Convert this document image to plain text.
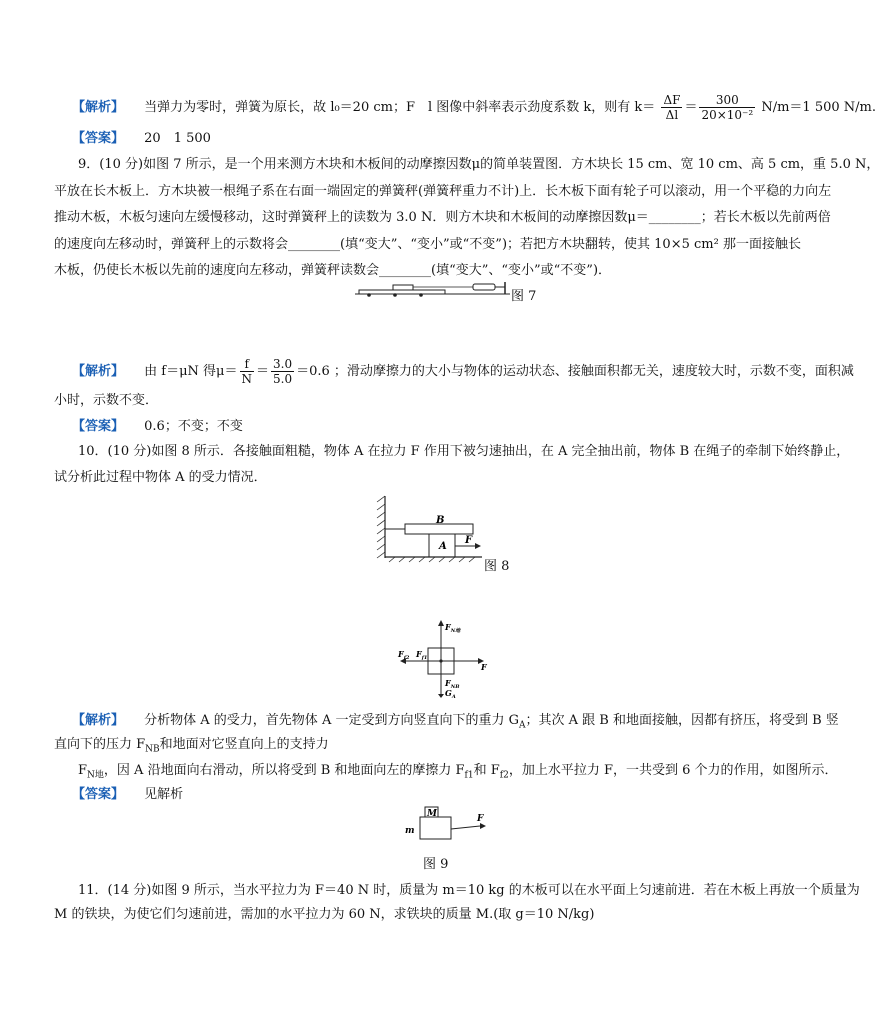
【解析】 当弹力为零时，弹簧为原长，故 l₀＝20 cm；F　l 图像中斜率表示劲度系数 k，则有 $k= \frac{\Delta F}{\Delta l} = \frac{300}{\text{20×10⁻²}} N/m=1$ 500 N/m.
【答案】 20　1 500
9．(10 分)如图 7 所示，是一个用来测方木块和木板间的动摩擦因数μ的简单装置图．方木块长 15 cm、宽 10 cm、高 5 cm，重 5.0 N，
平放在长木板上．方木块被一根绳子系在右面一端固定的弹簧秤(弹簧秤重力不计)上．长木板下面有轮子可以滚动，用一个平稳的力向左
推动木板，木板匀速向左缓慢移动，这时弹簧秤上的读数为 3.0 N．则方木块和木板间的动摩擦因数μ＝________；若长木板以先前两倍
的速度向左移动时，弹簧秤上的示数将会________(填“变大”、“变小”或“不变”)；若把方木块翻转，使其 10×5 cm² 那一面接触长
木板，仍使长木板以先前的速度向左移动，弹簧秤读数会________(填“变大”、“变小”或“不变”)．
图 7
【解析】 由 f＝μN 得$\mu= \frac{f}{N} = \frac{3.0}{5.0} =0.6$ ；滑动摩擦力的大小与物体的运动状态、接触面积都无关，速度较大时，示数不变，面积减
小时，示数不变．
【答案】 0.6；不变；不变
10．(10 分)如图 8 所示．各接触面粗糙，物体 A 在拉力 F 作用下被匀速抽出，在 A 完全抽出前，物体 B 在绳子的牵制下始终静止，
试分析此过程中物体 A 的受力情况．
B
A
F
图 8
$F_{N地}$
$F_{f2}$ $F_{f1}$
F
$F_{NB}$
$G_A$
【解析】 分析物体 A 的受力，首先物体 A 一定受到方向竖直向下的重力 $G_A$；其次 A 跟 B 和地面接触，因都有挤压，将受到 B 竖
直向下的压力 $F_{NB}$和地面对它竖直向上的支持力
$F_{N地}$，因 A 沿地面向右滑动，所以将受到 B 和地面向左的摩擦力 $F_{f1}$和 $F_{f2}$，加上水平拉力 F，一共受到 6 个力的作用，如图所示．
【答案】 见解析
M
m
F
图 9
11．(14 分)如图 9 所示，当水平拉力为 F＝40 N 时，质量为 m＝10 kg 的木板可以在水平面上匀速前进．若在木板上再放一个质量为
M 的铁块，为使它们匀速前进，需加的水平拉力为 60 N，求铁块的质量 M.(取 g＝10 N/kg)
